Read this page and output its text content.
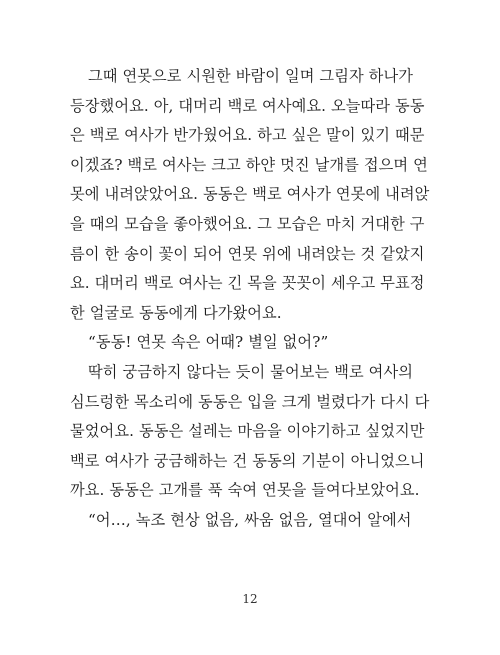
그때 연못으로 시원한 바람이 일며 그림자 하나가
등장했어요. 아, 대머리 백로 여사예요. 오늘따라 동동
은 백로 여사가 반가웠어요. 하고 싶은 말이 있기 때문
이겠죠? 백로 여사는 크고 하얀 멋진 날개를 접으며 연
못에 내려앉았어요. 동동은 백로 여사가 연못에 내려앉
을 때의 모습을 좋아했어요. 그 모습은 마치 거대한 구
름이 한 송이 꽃이 되어 연못 위에 내려앉는 것 같았지
요. 대머리 백로 여사는 긴 목을 꼿꼿이 세우고 무표정
한 얼굴로 동동에게 다가왔어요.
“동동! 연못 속은 어때? 별일 없어?”
딱히 궁금하지 않다는 듯이 물어보는 백로 여사의
심드렁한 목소리에 동동은 입을 크게 벌렸다가 다시 다
물었어요. 동동은 설레는 마음을 이야기하고 싶었지만
백로 여사가 궁금해하는 건 동동의 기분이 아니었으니
까요. 동동은 고개를 푹 숙여 연못을 들여다보았어요.
“어…, 녹조 현상 없음, 싸움 없음, 열대어 알에서
12
